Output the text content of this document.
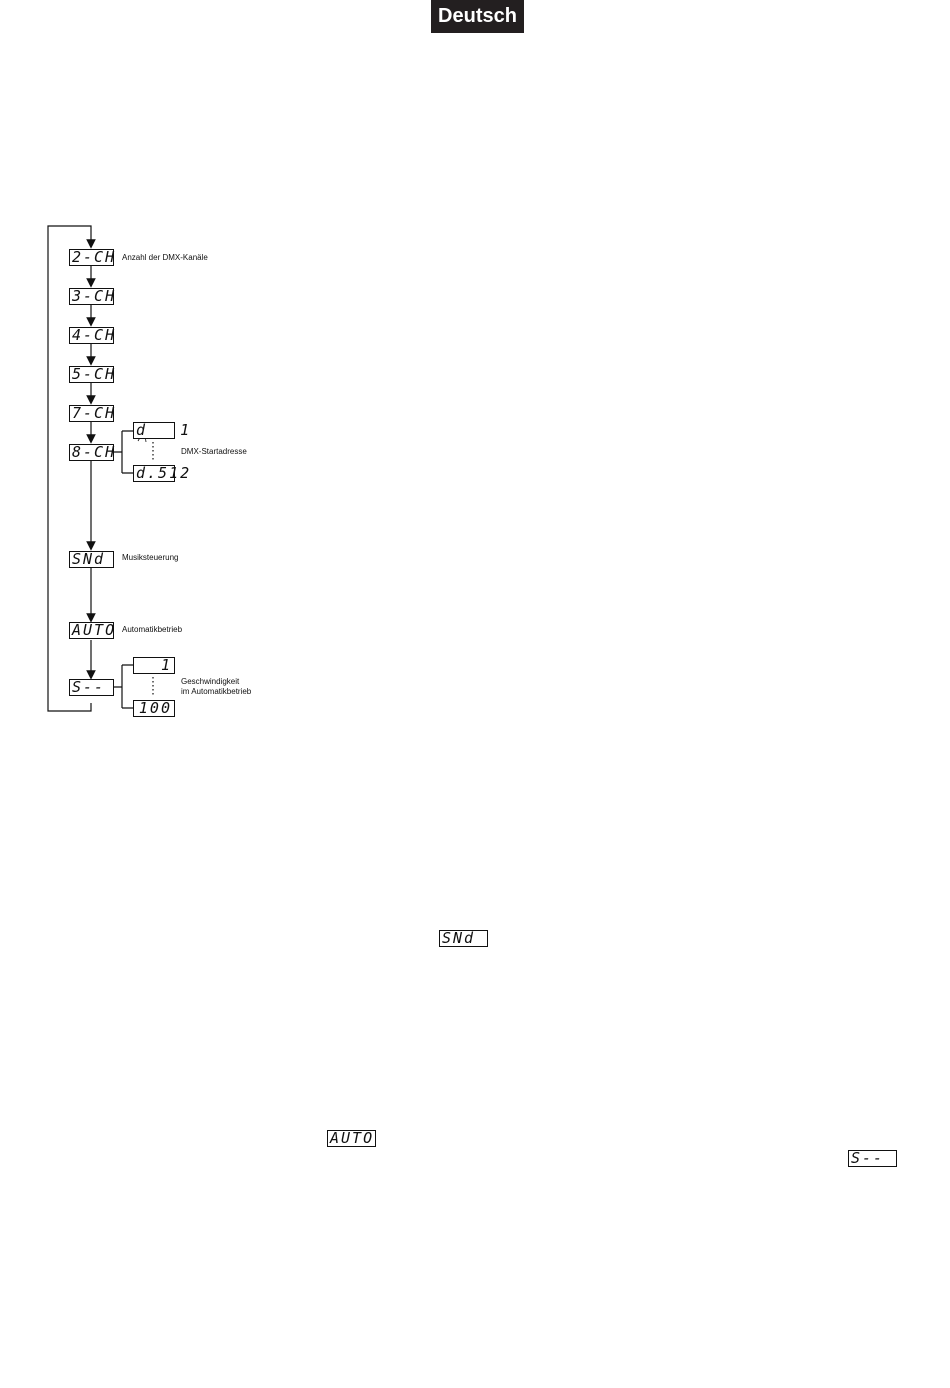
Deutsch
2-CH
3-CH
4-CH
5-CH
7-CH
8-CH
d   1
d.512
SNd
AUTO
S--
1
100
Anzahl der DMX-Kanäle
DMX-Startadresse
Musiksteuerung
Automatikbetrieb
Geschwindigkeit
im Automatikbetrieb
SNd
AUTO
S--
